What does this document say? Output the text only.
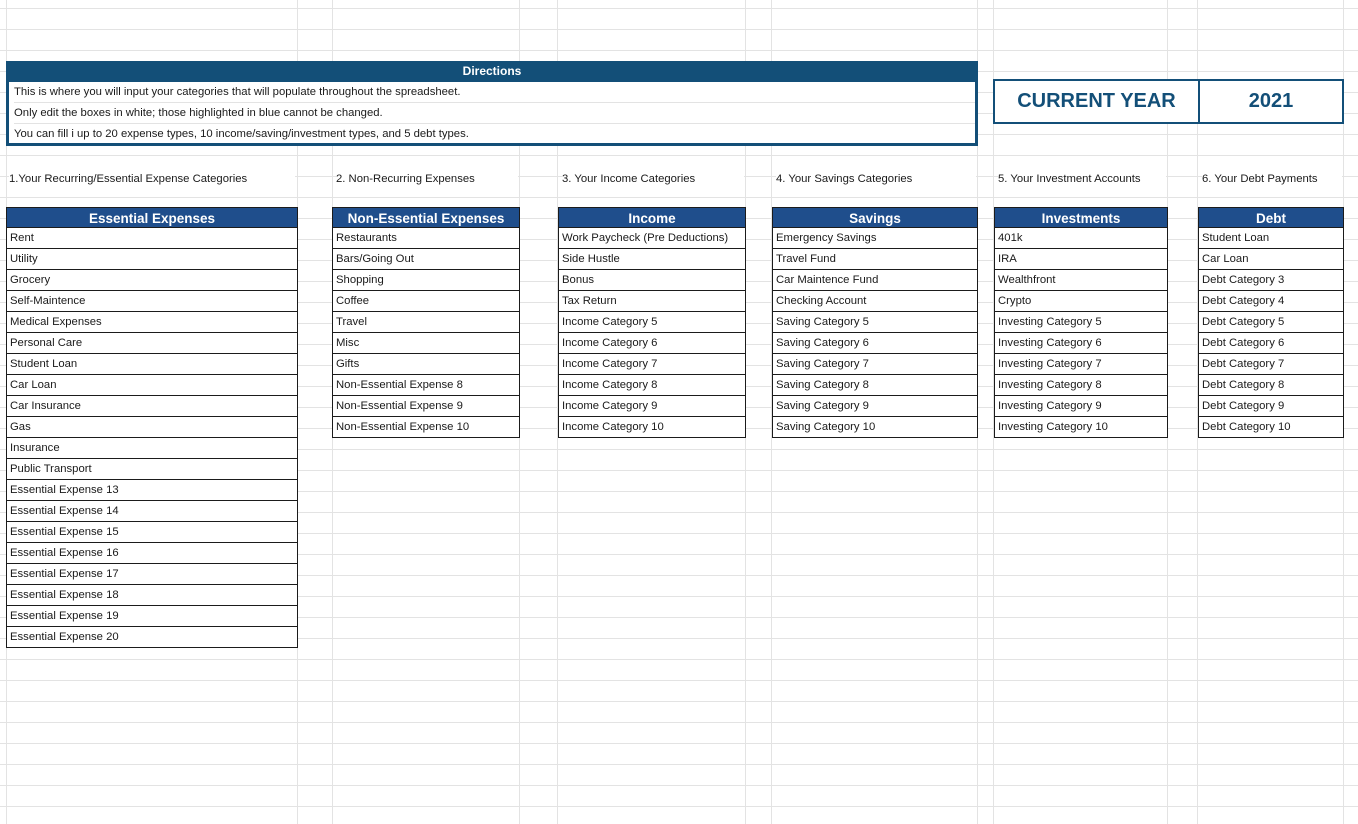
Directions
This is where you will input your categories that will populate throughout the spreadsheet.
Only edit the boxes in white; those highlighted in blue cannot be changed.
You can fill i up to 20 expense types, 10 income/saving/investment types, and 5 debt types.
CURRENT YEAR	2021
1.Your Recurring/Essential Expense Categories	2. Non-Recurring Expenses	3. Your Income Categories	4. Your Savings Categories	5. Your Investment Accounts	6. Your Debt Payments
Essential Expenses
Rent
Utility
Grocery
Self-Maintence
Medical Expenses
Personal Care
Student Loan
Car Loan
Car Insurance
Gas
Insurance
Public Transport
Essential Expense 13
Essential Expense 14
Essential Expense 15
Essential Expense 16
Essential Expense 17
Essential Expense 18
Essential Expense 19
Essential Expense 20
Non-Essential Expenses
Restaurants
Bars/Going Out
Shopping
Coffee
Travel
Misc
Gifts
Non-Essential Expense 8
Non-Essential Expense 9
Non-Essential Expense 10
Income
Work Paycheck (Pre Deductions)
Side Hustle
Bonus
Tax Return
Income Category 5
Income Category 6
Income Category 7
Income Category 8
Income Category 9
Income Category 10
Savings
Emergency Savings
Travel Fund
Car Maintence Fund
Checking Account
Saving Category 5
Saving Category 6
Saving Category 7
Saving Category 8
Saving Category 9
Saving Category 10
Investments
401k
IRA
Wealthfront
Crypto
Investing Category 5
Investing Category 6
Investing Category 7
Investing Category 8
Investing Category 9
Investing Category 10
Debt
Student Loan
Car Loan
Debt Category 3
Debt Category 4
Debt Category 5
Debt Category 6
Debt Category 7
Debt Category 8
Debt Category 9
Debt Category 10
